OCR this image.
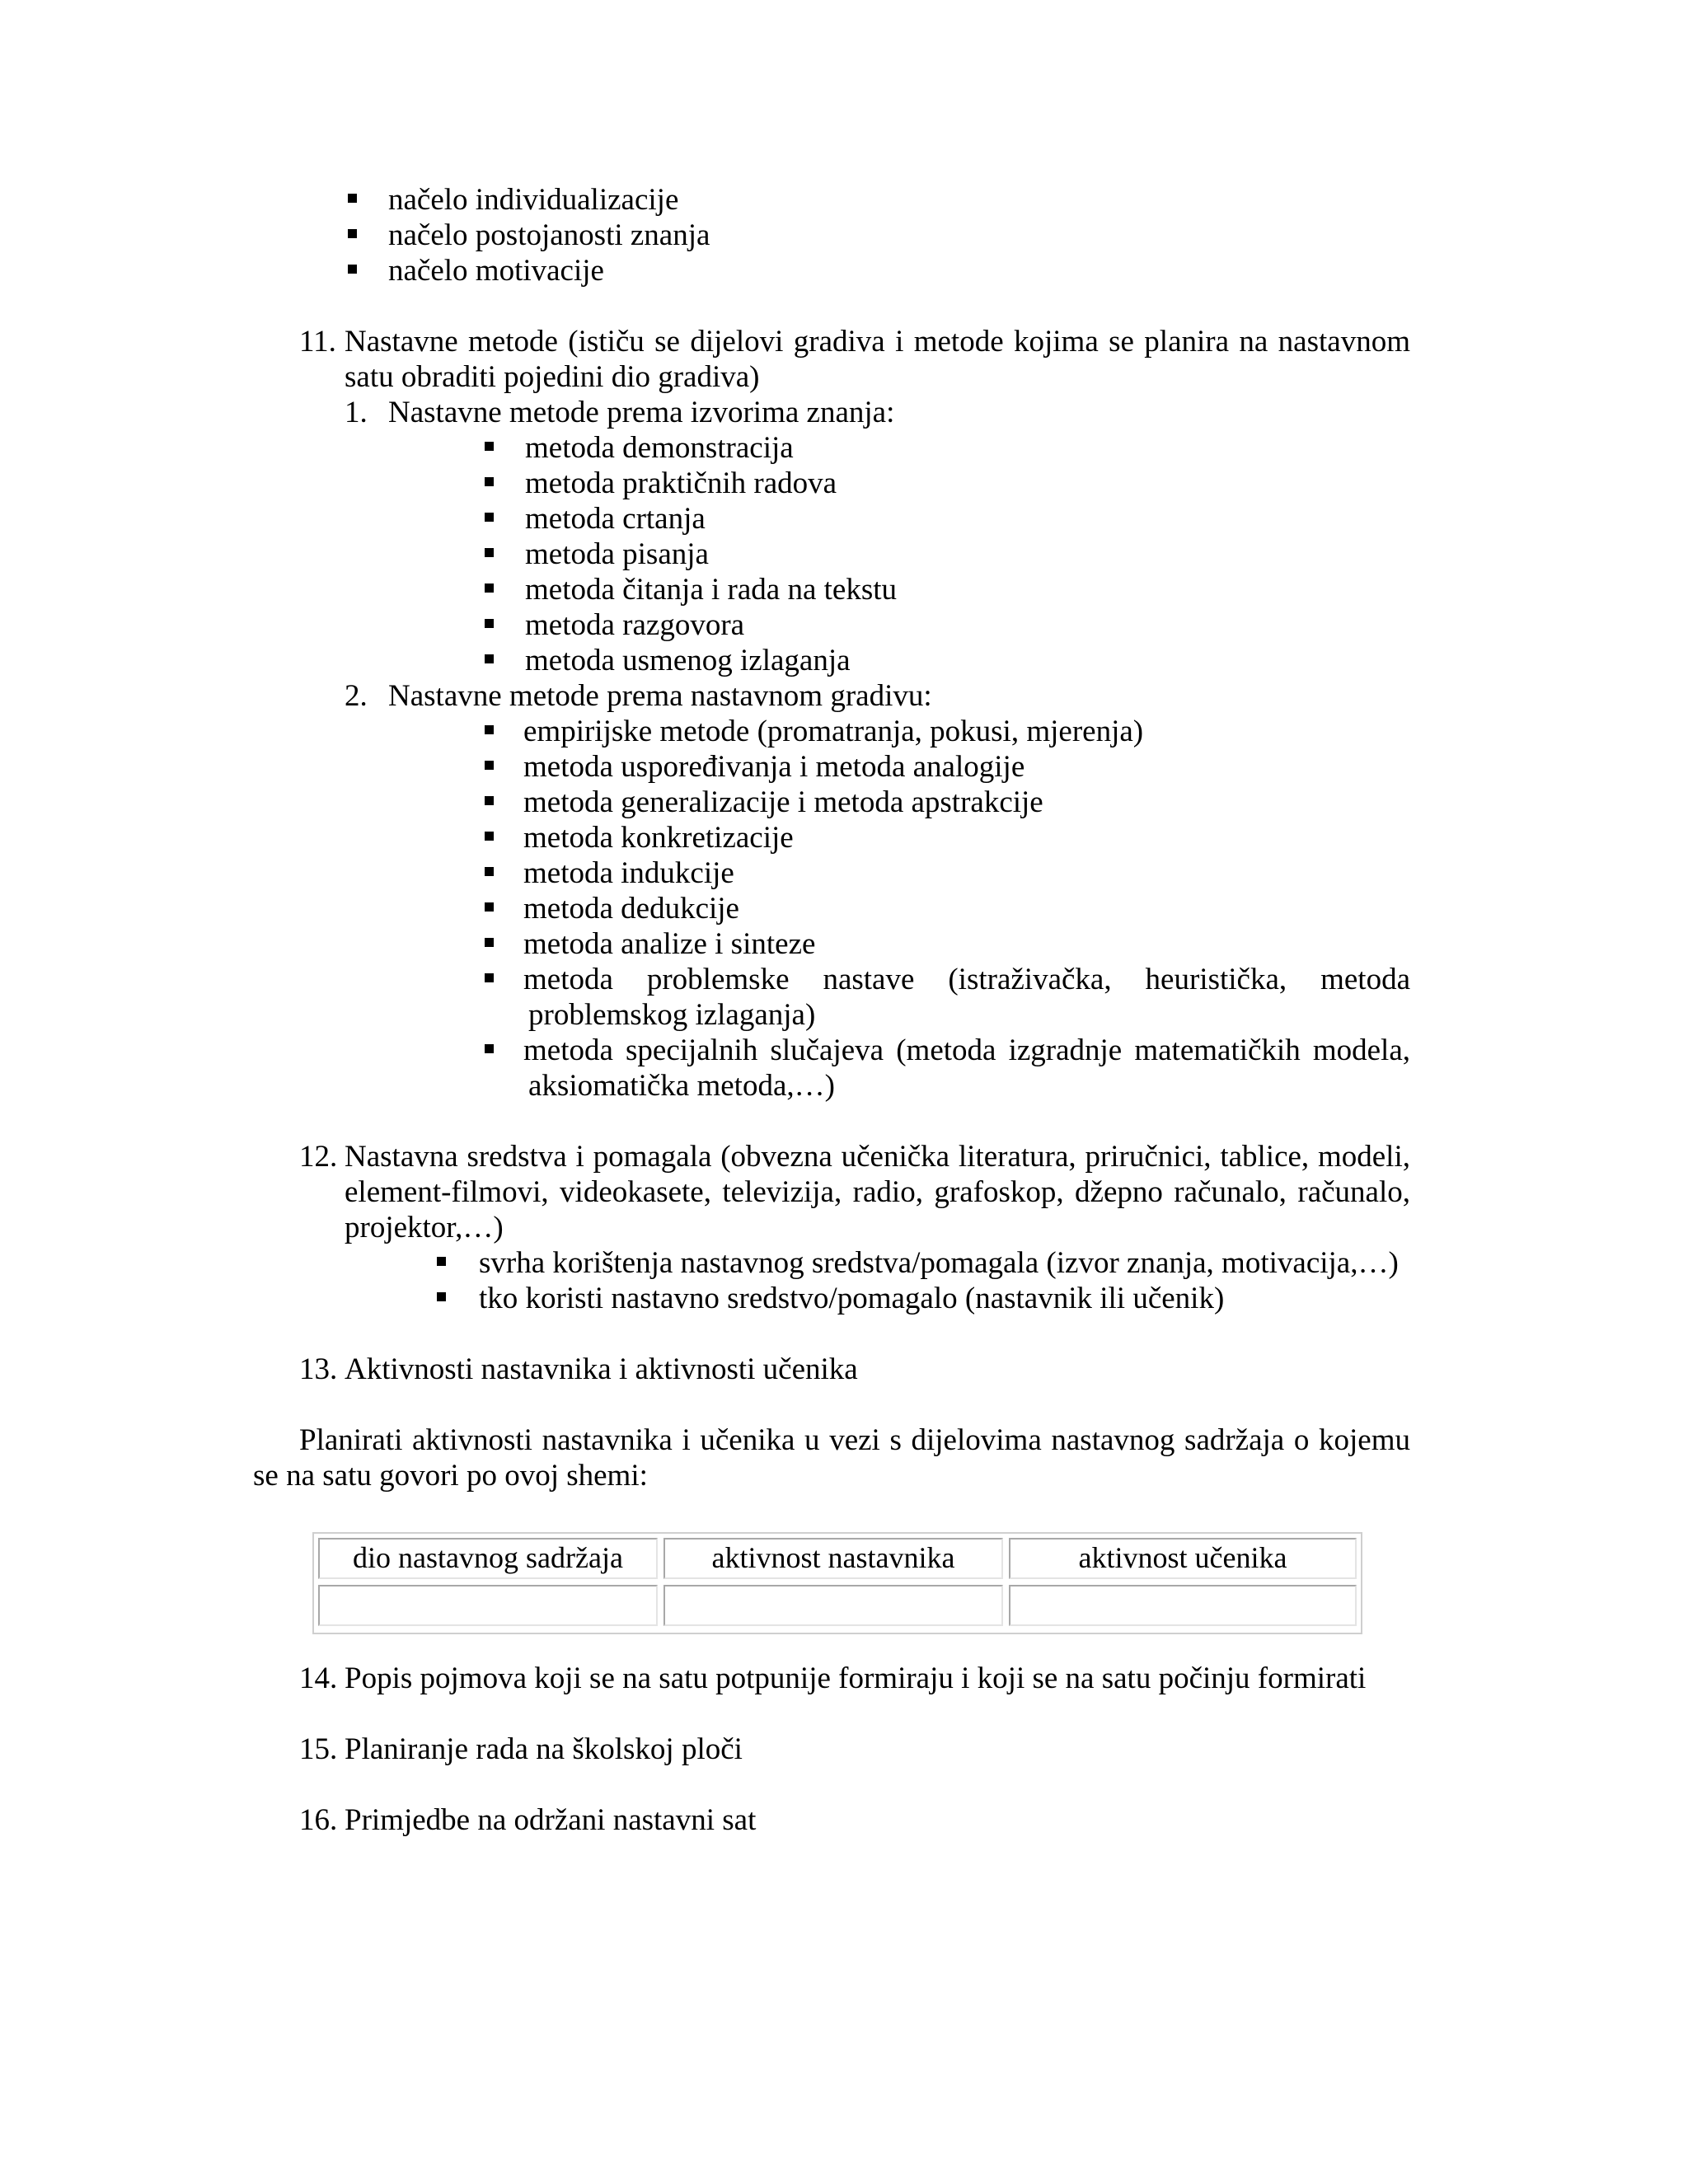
načelo individualizacije
načelo postojanosti znanja
načelo motivacije
11. Nastavne metode (ističu se dijelovi gradiva i metode kojima se planira na nastavnom
satu obraditi pojedini dio gradiva)
1. Nastavne metode prema izvorima znanja:
metoda demonstracija
metoda praktičnih radova
metoda crtanja
metoda pisanja
metoda čitanja i rada na tekstu
metoda razgovora
metoda usmenog izlaganja
2. Nastavne metode prema nastavnom gradivu:
empirijske metode (promatranja, pokusi, mjerenja)
metoda uspoređivanja i metoda analogije
metoda generalizacije i metoda apstrakcije
metoda konkretizacije
metoda indukcije
metoda dedukcije
metoda analize i sinteze
metoda problemske nastave (istraživačka, heuristička, metoda
problemskog izlaganja)
metoda specijalnih slučajeva (metoda izgradnje matematičkih modela,
aksiomatička metoda,…)
12. Nastavna sredstva i pomagala (obvezna učenička literatura, priručnici, tablice, modeli,
element-filmovi, videokasete, televizija, radio, grafoskop, džepno računalo, računalo,
projektor,…)
svrha korištenja nastavnog sredstva/pomagala (izvor znanja, motivacija,…)
tko koristi nastavno sredstvo/pomagalo (nastavnik ili učenik)
13. Aktivnosti nastavnika i aktivnosti učenika
Planirati aktivnosti nastavnika i učenika u vezi s dijelovima nastavnog sadržaja o kojemu
se na satu govori po ovoj shemi:
dio nastavnog sadržaja	aktivnost nastavnika	aktivnost učenika
14. Popis pojmova koji se na satu potpunije formiraju i koji se na satu počinju formirati
15. Planiranje rada na školskoj ploči
16. Primjedbe na održani nastavni sat
